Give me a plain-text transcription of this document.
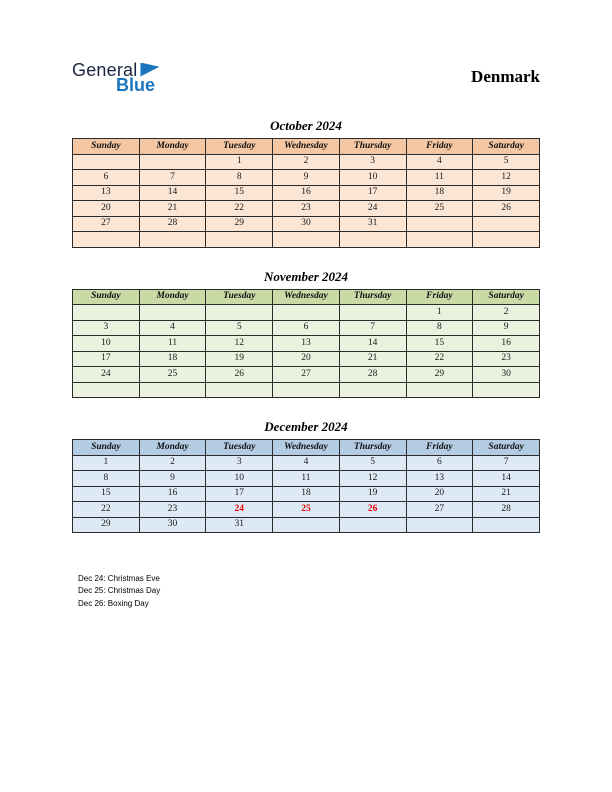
General
Blue	Denmark
October 2024
Sunday	Monday	Tuesday	Wednesday	Thursday	Friday	Saturday
		1	2	3	4	5
6	7	8	9	10	11	12
13	14	15	16	17	18	19
20	21	22	23	24	25	26
27	28	29	30	31		

November 2024
Sunday	Monday	Tuesday	Wednesday	Thursday	Friday	Saturday
					1	2
3	4	5	6	7	8	9
10	11	12	13	14	15	16
17	18	19	20	21	22	23
24	25	26	27	28	29	30

December 2024
Sunday	Monday	Tuesday	Wednesday	Thursday	Friday	Saturday
1	2	3	4	5	6	7
8	9	10	11	12	13	14
15	16	17	18	19	20	21
22	23	24	25	26	27	28
29	30	31				
Dec 24: Christmas Eve
Dec 25: Christmas Day
Dec 26: Boxing Day
